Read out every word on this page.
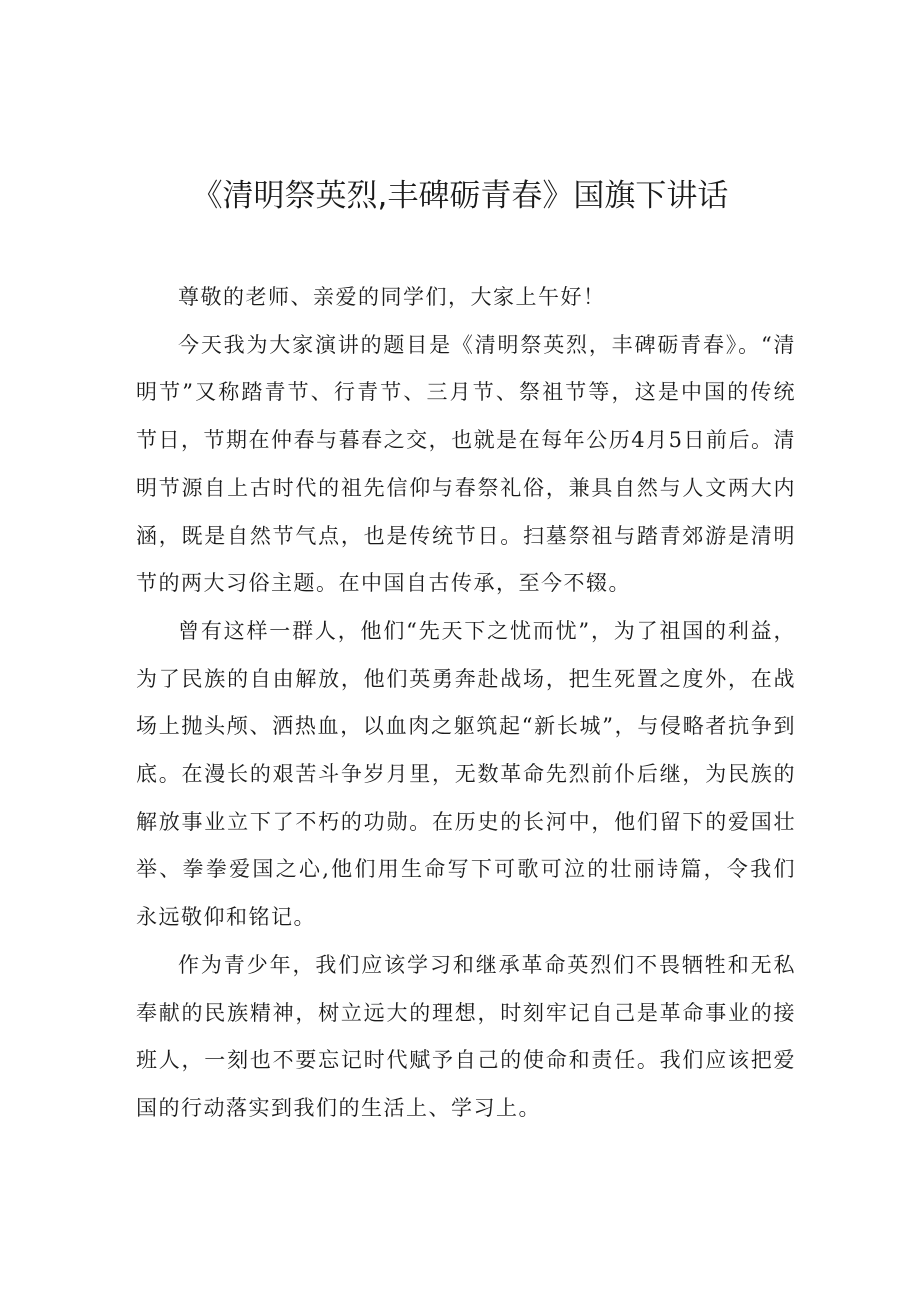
《清明祭英烈,丰碑砺青春》国旗下讲话

尊敬的老师、亲爱的同学们，大家上午好！

今天我为大家演讲的题目是《清明祭英烈，丰碑砺青春》。“清明节”又称踏青节、行青节、三月节、祭祖节等，这是中国的传统节日，节期在仲春与暮春之交，也就是在每年公历4月5日前后。清明节源自上古时代的祖先信仰与春祭礼俗，兼具自然与人文两大内涵，既是自然节气点，也是传统节日。扫墓祭祖与踏青郊游是清明节的两大习俗主题。在中国自古传承，至今不辍。

曾有这样一群人，他们“先天下之忧而忧”，为了祖国的利益，为了民族的自由解放，他们英勇奔赴战场，把生死置之度外，在战场上抛头颅、洒热血，以血肉之躯筑起“新长城”，与侵略者抗争到底。在漫长的艰苦斗争岁月里，无数革命先烈前仆后继，为民族的解放事业立下了不朽的功勋。在历史的长河中，他们留下的爱国壮举、拳拳爱国之心,他们用生命写下可歌可泣的壮丽诗篇，令我们永远敬仰和铭记。

作为青少年，我们应该学习和继承革命英烈们不畏牺牲和无私奉献的民族精神，树立远大的理想，时刻牢记自己是革命事业的接班人，一刻也不要忘记时代赋予自己的使命和责任。我们应该把爱国的行动落实到我们的生活上、学习上。
